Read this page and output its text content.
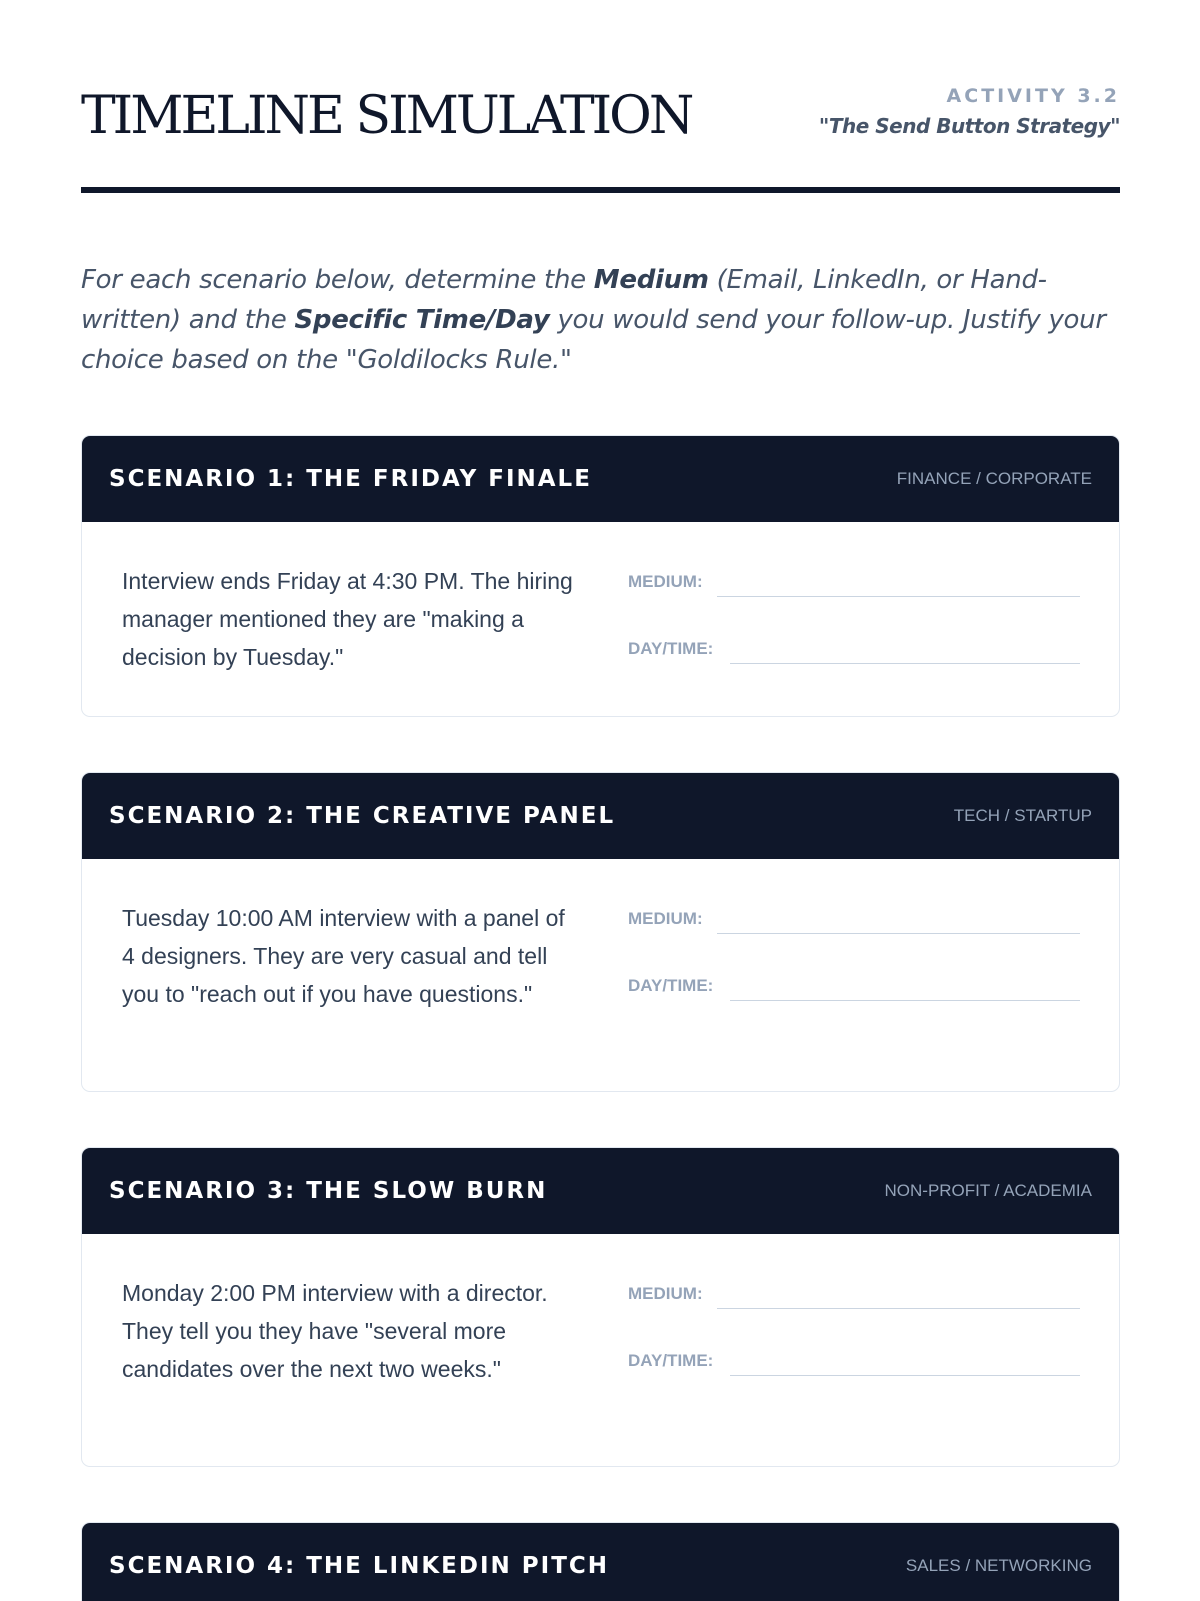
TIMELINE SIMULATION	ACTIVITY 3.2
"The Send Button Strategy"

For each scenario below, determine the Medium (Email, LinkedIn, or Hand-written) and the Specific Time/Day you would send your follow-up. Justify your choice based on the "Goldilocks Rule."

SCENARIO 1: THE FRIDAY FINALE	FINANCE / CORPORATE

Interview ends Friday at 4:30 PM. The hiring manager mentioned they are "making a decision by Tuesday."

MEDIUM:
DAY/TIME:
SCENARIO 2: THE CREATIVE PANEL	TECH / STARTUP

Tuesday 10:00 AM interview with a panel of 4 designers. They are very casual and tell you to "reach out if you have questions."

MEDIUM:
DAY/TIME:
SCENARIO 3: THE SLOW BURN	NON-PROFIT / ACADEMIA

Monday 2:00 PM interview with a director. They tell you they have "several more candidates over the next two weeks."

MEDIUM:
DAY/TIME:
SCENARIO 4: THE LINKEDIN PITCH	SALES / NETWORKING
